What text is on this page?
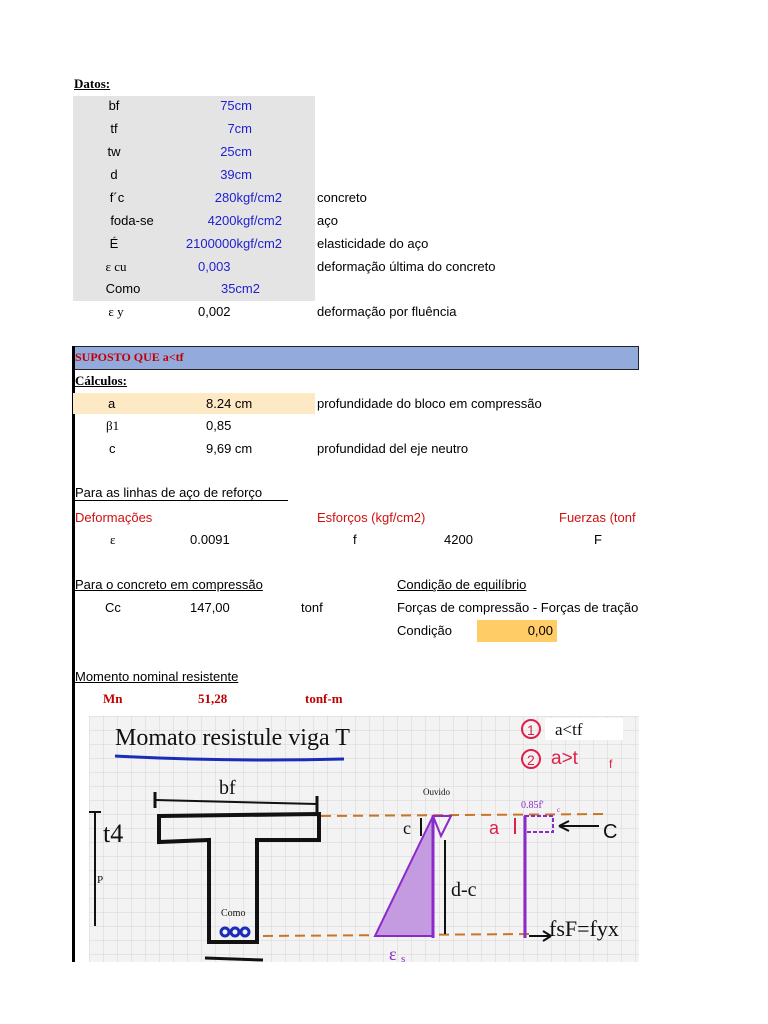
Datos:
bf	75cm
tf	7cm
tw	25cm
d	39cm
f´c	280kgf/cm2	concreto
foda-se	4200kgf/cm2	aço
É	2100000kgf/cm2	elasticidade do aço
ε cu	0,003	deformação última do concreto
Como	35cm2
ε y	0,002	deformação por fluência
SUPOSTO QUE a<tf
Cálculos:
a	8.24 cm	profundidade do bloco em compressão
β1	0,85
c	9,69 cm	profundidad del eje neutro
Para as linhas de aço de reforço
Deformações	Esforços (kgf/cm2)	Fuerzas (tonf
ε	0.0091	f	4200	F
Para o concreto em compressão	Condição de equilíbrio
Cc	147,00	tonf	Forças de compressão - Forças de tração
Condição	0,00
Momento nominal resistente
Mn	51,28	tonf-m
Momato resistule viga T	1 a<tf
2 a>t	f
bf
t4
P
Como
Ouvido
c
d-c
ε s
0.85f' c
a	C
fsF=fyx
